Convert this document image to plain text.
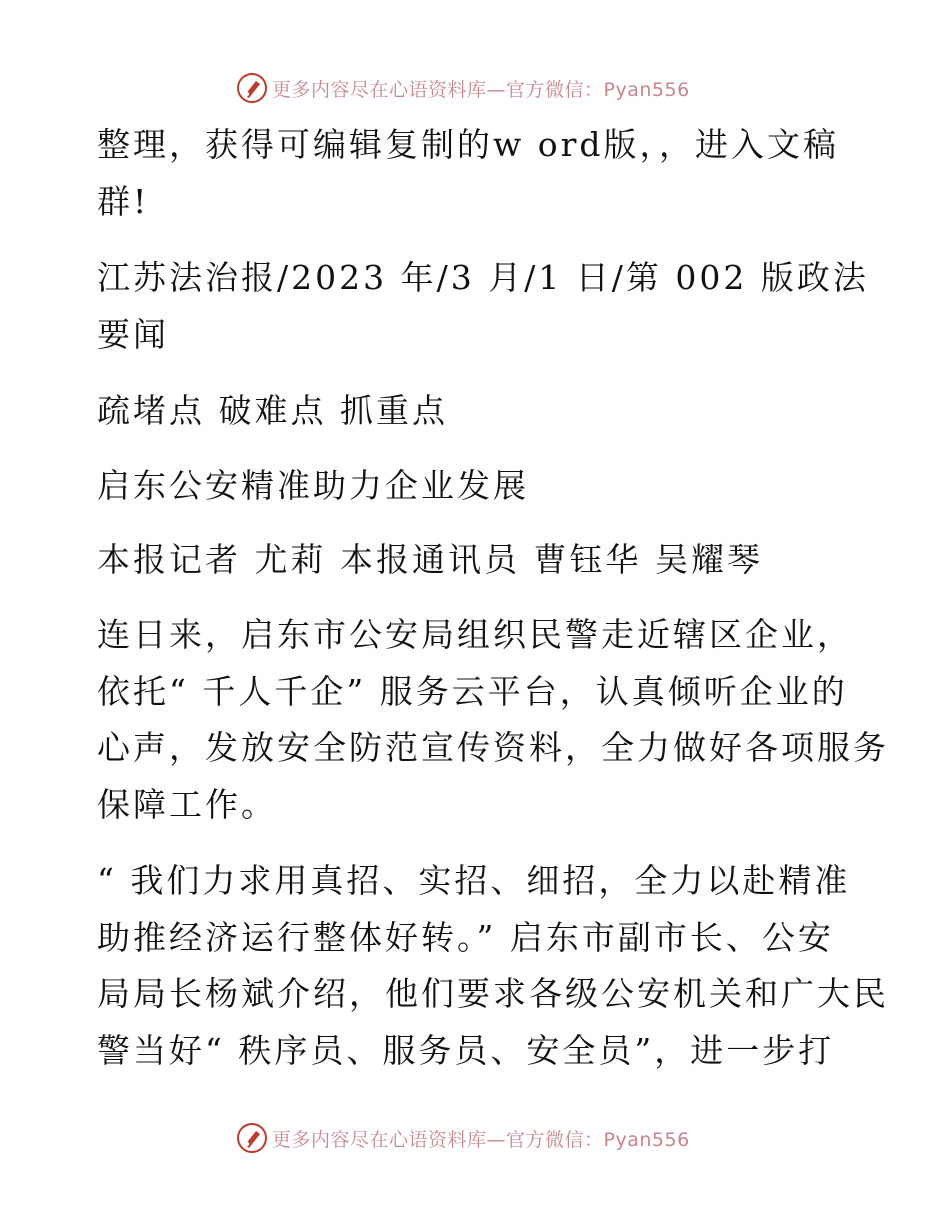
更多内容尽在心语资料库—官方微信：Pyan556
整理，获得可编辑复制的w ord版，，进入文稿
群!
江苏法治报/2023 年/3 月/1 日/第 002 版政法
要闻
疏堵点 破难点 抓重点
启东公安精准助力企业发展
本报记者 尤莉 本报通讯员 曹钰华 吴耀琴
连日来，启东市公安局组织民警走近辖区企业，
依托“ 千人千企” 服务云平台，认真倾听企业的
心声，发放安全防范宣传资料，全力做好各项服务
保障工作。
“ 我们力求用真招、实招、细招，全力以赴精准
助推经济运行整体好转。” 启东市副市长、公安
局局长杨斌介绍，他们要求各级公安机关和广大民
警当好“ 秩序员、服务员、安全员”，进一步打
更多内容尽在心语资料库—官方微信：Pyan556
